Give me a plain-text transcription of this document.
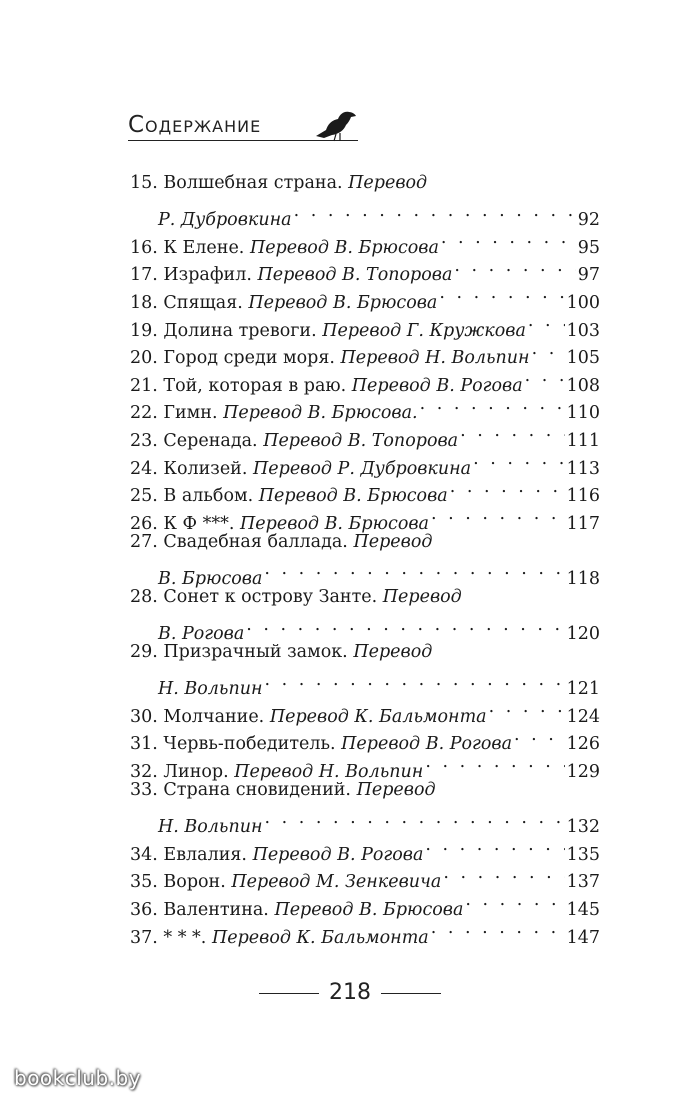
Содержание
15. Волшебная страна. Перевод
Р. Дубровкина . . .	92
16. К Елене. Перевод В. Брюсова . . .	95
17. Израфил. Перевод В. Топорова . . .	97
18. Спящая. Перевод В. Брюсова . . .	100
19. Долина тревоги. Перевод Г. Кружкова . . . 103
20. Город среди моря. Перевод Н. Вольпин . . . 105
21. Той, которая в раю. Перевод В. Рогова . . .	108
22. Гимн. Перевод В. Брюсова. . . .	110
23. Серенада. Перевод В. Топорова . . .	111
24. Колизей. Перевод Р. Дубровкина . . .	113
25. В альбом. Перевод В. Брюсова . . .	116
26. К Ф ***. Перевод В. Брюсова . . .	117
27. Свадебная баллада. Перевод
В. Брюсова . . .	118
28. Сонет к острову Занте. Перевод
В. Рогова . . .	120
29. Призрачный замок. Перевод
Н. Вольпин . . .	121
30. Молчание. Перевод К. Бальмонта . . .	124
31. Червь-победитель. Перевод В. Рогова . . .	126
32. Линор. Перевод Н. Вольпин . . .	129
33. Страна сновидений. Перевод
Н. Вольпин . . .	132
34. Евлалия. Перевод В. Рогова . . .	135
35. Ворон. Перевод М. Зенкевича . . .	137
36. Валентина. Перевод В. Брюсова . . .	145
37. * * *. Перевод К. Бальмонта . . .	147
218
bookclub.by
